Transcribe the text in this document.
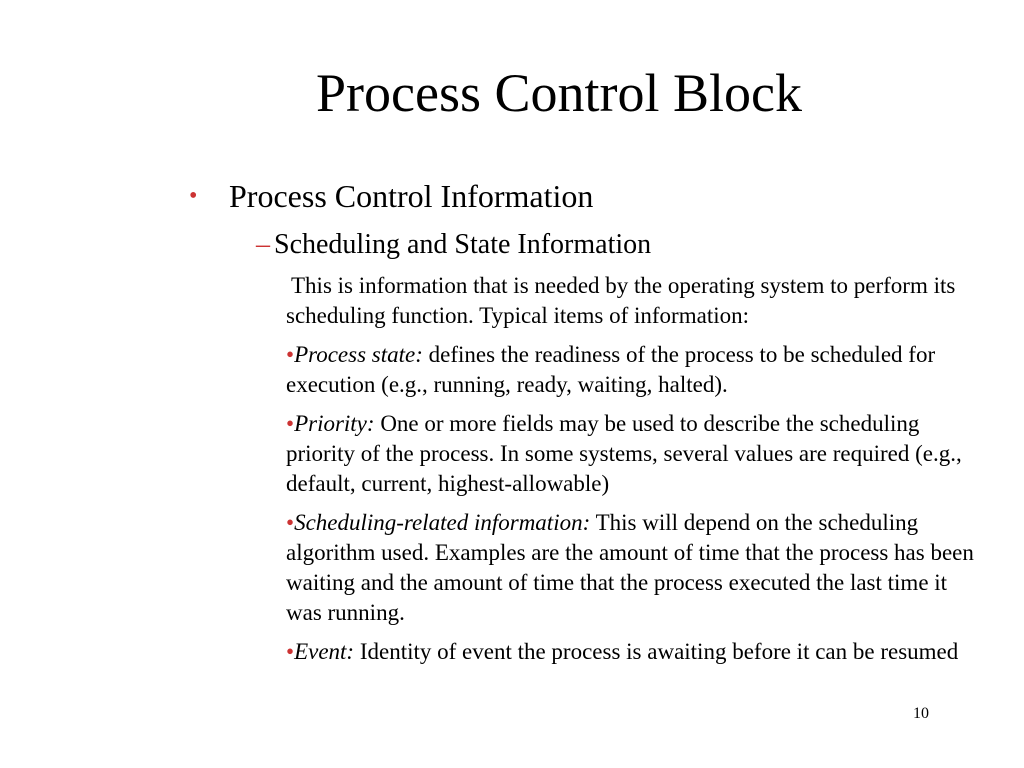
Process Control Block
• Process Control Information
– Scheduling and State Information

This is information that is needed by the operating system to perform its scheduling function. Typical items of information:

•Process state: defines the readiness of the process to be scheduled for execution (e.g., running, ready, waiting, halted).

•Priority: One or more fields may be used to describe the scheduling priority of the process. In some systems, several values are required (e.g., default, current, highest-allowable)

•Scheduling-related information: This will depend on the scheduling algorithm used. Examples are the amount of time that the process has been waiting and the amount of time that the process executed the last time it was running.

•Event: Identity of event the process is awaiting before it can be resumed

10
